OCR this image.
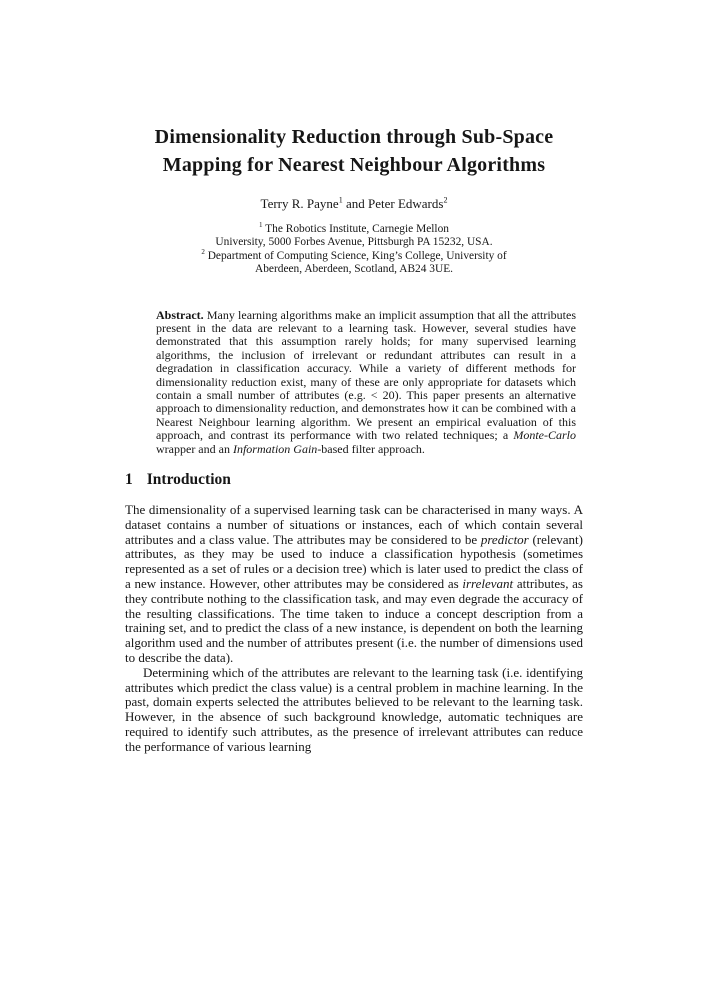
Dimensionality Reduction through Sub-Space
Mapping for Nearest Neighbour Algorithms
Terry R. Payne$^1$ and Peter Edwards$^2$
$^1$ The Robotics Institute, Carnegie Mellon
University, 5000 Forbes Avenue, Pittsburgh PA 15232, USA.
$^2$ Department of Computing Science, King’s College, University of
Aberdeen, Aberdeen, Scotland, AB24 3UE.
Abstract. Many learning algorithms make an implicit assumption that all the attributes present in the data are relevant to a learning task. However, several studies have demonstrated that this assumption rarely holds; for many supervised learning algorithms, the inclusion of irrelevant or redundant attributes can result in a degradation in classification accuracy. While a variety of different methods for dimensionality reduction exist, many of these are only appropriate for datasets which contain a small number of attributes (e.g. < 20). This paper presents an alternative approach to dimensionality reduction, and demonstrates how it can be combined with a Nearest Neighbour learning algorithm. We present an empirical evaluation of this approach, and contrast its performance with two related techniques; a Monte-Carlo wrapper and an Information Gain-based filter approach.
1 Introduction

The dimensionality of a supervised learning task can be characterised in many ways. A dataset contains a number of situations or instances, each of which contain several attributes and a class value. The attributes may be considered to be predictor (relevant) attributes, as they may be used to induce a classification hypothesis (sometimes represented as a set of rules or a decision tree) which is later used to predict the class of a new instance. However, other attributes may be considered as irrelevant attributes, as they contribute nothing to the classification task, and may even degrade the accuracy of the resulting classifications. The time taken to induce a concept description from a training set, and to predict the class of a new instance, is dependent on both the learning algorithm used and the number of attributes present (i.e. the number of dimensions used to describe the data).

Determining which of the attributes are relevant to the learning task (i.e. identifying attributes which predict the class value) is a central problem in machine learning. In the past, domain experts selected the attributes believed to be relevant to the learning task. However, in the absence of such background knowledge, automatic techniques are required to identify such attributes, as the presence of irrelevant attributes can reduce the performance of various learning
